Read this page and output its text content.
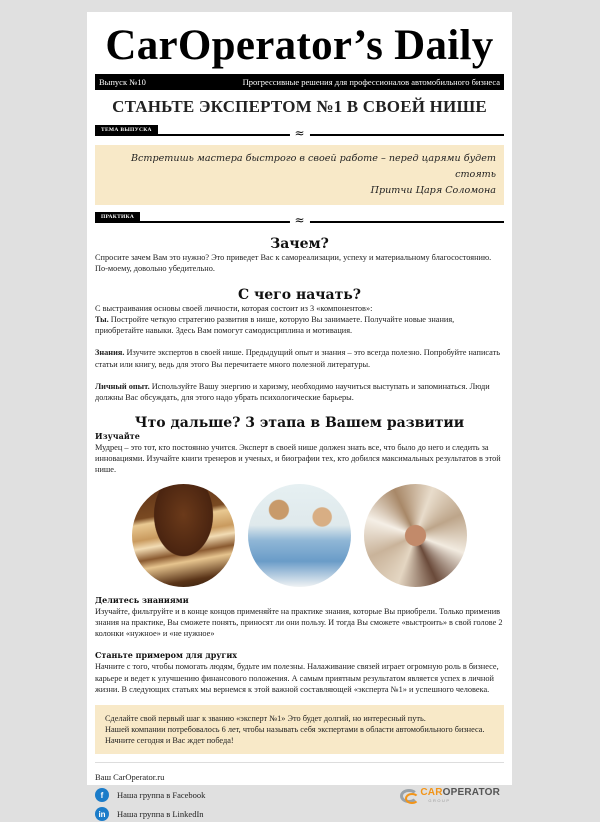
CarOperator’s Daily
Выпуск №10	Прогрессивные решения для профессионалов автомобильного бизнеса
СТАНЬТЕ ЭКСПЕРТОМ №1 В СВОЕЙ НИШЕ
ТЕМА ВЫПУСКА	≈
Встретишь мастера быстрого в своей работе – перед царями будет стоять
Притчи Царя Соломона
ПРАКТИКА	≈
Зачем?

Спросите зачем Вам это нужно? Это приведет Вас к самореализации, успеху и материальному благосостоянию. По-моему, довольно убедительно.

С чего начать?

С выстраивания основы своей личности, которая состоит из 3 «компонентов»:

Ты. Постройте четкую стратегию развития в нише, которую Вы занимаете. Получайте новые знания, приобретайте навыки. Здесь Вам помогут самодисциплина и мотивация.

Знания. Изучите экспертов в своей нише. Предыдущий опыт и знания – это всегда полезно. Попробуйте написать статьи или книгу, ведь для этого Вы перечитаете много полезной литературы.

Личный опыт. Используйте Вашу энергию и харизму, необходимо научиться выступать и запоминаться. Люди должны Вас обсуждать, для этого надо убрать психологические барьеры.

Что дальше? 3 этапа в Вашем развитии
Изучайте

Мудрец – это тот, кто постоянно учится. Эксперт в своей нише должен знать все, что было до него и следить за инновациями. Изучайте книги тренеров и ученых, и биографии тех, кто добился максимальных результатов в этой нише.

Делитесь знаниями

Изучайте, фильтруйте и в конце концов применяйте на практике знания, которые Вы приобрели. Только применив знания на практике, Вы сможете понять, приносят ли они пользу. И тогда Вы сможете «выстроить» в свой голове 2 колонки «нужное» и «не нужное»

Станьте примером для других

Начните с того, чтобы помогать людям, будьте им полезны. Налаживание связей играет огромную роль в бизнесе, карьере и ведет к улучшению финансового положения. А самым приятным результатом является успех в личной жизни. В следующих статьях мы вернемся к этой важной составляющей «эксперта №1» и успешного человека.

Сделайте свой первый шаг к званию «эксперт №1» Это будет долгий, но интересный путь.
Нашей компании потребовалось 6 лет, чтобы называть себя экспертами в области автомобильного бизнеса. Начните сегодня и Вас ждет победа!
Ваш CarOperator.ru
f	Наша группа в Facebook
in	Наша группа в LinkedIn
CAROPERATOR
GROUP
